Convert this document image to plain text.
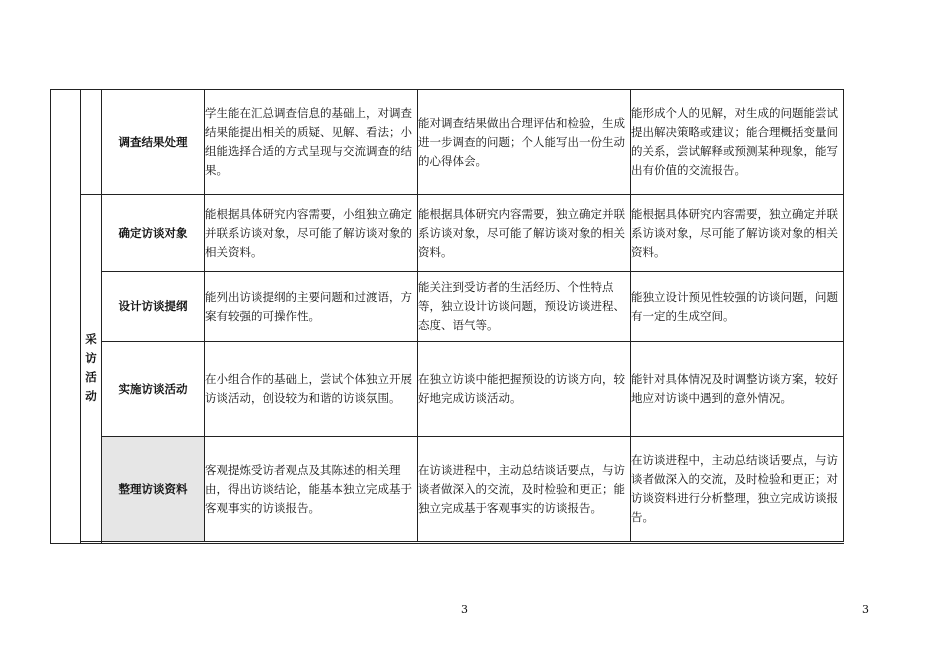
		调查结果处理	学生能在汇总调查信息的基础上，对调查结果能提出相关的质疑、见解、看法；小组能选择合适的方式呈现与交流调查的结果。	能对调查结果做出合理评估和检验，生成进一步调查的问题；个人能写出一份生动的心得体会。	能形成个人的见解，对生成的问题能尝试提出解决策略或建议；能合理概括变量间的关系，尝试解释或预测某种现象，能写出有价值的交流报告。
	采访活动	确定访谈对象	能根据具体研究内容需要，小组独立确定并联系访谈对象，尽可能了解访谈对象的相关资料。	能根据具体研究内容需要，独立确定并联系访谈对象，尽可能了解访谈对象的相关资料。	能根据具体研究内容需要，独立确定并联系访谈对象，尽可能了解访谈对象的相关资料。
		设计访谈提纲	能列出访谈提纲的主要问题和过渡语，方案有较强的可操作性。	能关注到受访者的生活经历、个性特点等，独立设计访谈问题，预设访谈进程、态度、语气等。	能独立设计预见性较强的访谈问题，问题有一定的生成空间。
		实施访谈活动	在小组合作的基础上，尝试个体独立开展访谈活动，创设较为和谐的访谈氛围。	在独立访谈中能把握预设的访谈方向，较好地完成访谈活动。	能针对具体情况及时调整访谈方案，较好地应对访谈中遇到的意外情况。
		整理访谈资料	客观提炼受访者观点及其陈述的相关理由，得出访谈结论，能基本独立完成基于客观事实的访谈报告。	在访谈进程中，主动总结谈话要点，与访谈者做深入的交流，及时检验和更正；能独立完成基于客观事实的访谈报告。	在访谈进程中，主动总结谈话要点，与访谈者做深入的交流，及时检验和更正；对访谈资料进行分析整理，独立完成访谈报告。

3	3
